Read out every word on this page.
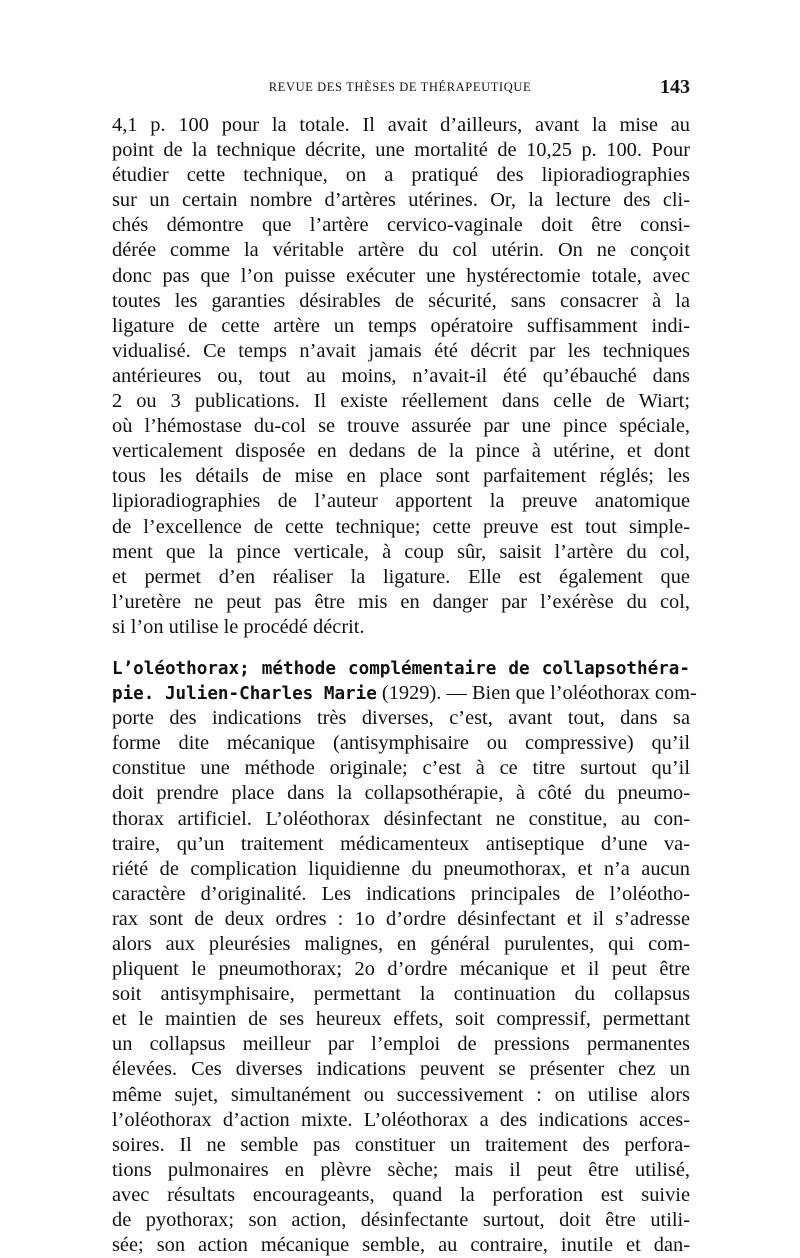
REVUE DES THÈSES DE THÉRAPEUTIQUE	143
4,1 p. 100 pour la totale. Il avait d’ailleurs, avant la mise au
point de la technique décrite, une mortalité de 10,25 p. 100. Pour
étudier cette technique, on a pratiqué des lipioradiographies
sur un certain nombre d’artères utérines. Or, la lecture des cli-
chés démontre que l’artère cervico-vaginale doit être consi-
dérée comme la véritable artère du col utérin. On ne conçoit
donc pas que l’on puisse exécuter une hystérectomie totale, avec
toutes les garanties désirables de sécurité, sans consacrer à la
ligature de cette artère un temps opératoire suffisamment indi-
vidualisé. Ce temps n’avait jamais été décrit par les techniques
antérieures ou, tout au moins, n’avait-il été qu’ébauché dans
2 ou 3 publications. Il existe réellement dans celle de Wiart;
où l’hémostase du-col se trouve assurée par une pince spéciale,
verticalement disposée en dedans de la pince à utérine, et dont
tous les détails de mise en place sont parfaitement réglés; les
lipioradiographies de l’auteur apportent la preuve anatomique
de l’excellence de cette technique; cette preuve est tout simple-
ment que la pince verticale, à coup sûr, saisit l’artère du col,
et permet d’en réaliser la ligature. Elle est également que
l’uretère ne peut pas être mis en danger par l’exérèse du col,
si l’on utilise le procédé décrit.
L’oléothorax; méthode complémentaire de collapsothéra-
pie. Julien-Charles Marie (1929). — Bien que l’oléothorax com-
porte des indications très diverses, c’est, avant tout, dans sa
forme dite mécanique (antisymphisaire ou compressive) qu’il
constitue une méthode originale; c’est à ce titre surtout qu’il
doit prendre place dans la collapsothérapie, à côté du pneumo-
thorax artificiel. L’oléothorax désinfectant ne constitue, au con-
traire, qu’un traitement médicamenteux antiseptique d’une va-
riété de complication liquidienne du pneumothorax, et n’a aucun
caractère d’originalité. Les indications principales de l’oléotho-
rax sont de deux ordres : 1o d’ordre désinfectant et il s’adresse
alors aux pleurésies malignes, en général purulentes, qui com-
pliquent le pneumothorax; 2o d’ordre mécanique et il peut être
soit antisymphisaire, permettant la continuation du collapsus
et le maintien de ses heureux effets, soit compressif, permettant
un collapsus meilleur par l’emploi de pressions permanentes
élevées. Ces diverses indications peuvent se présenter chez un
même sujet, simultanément ou successivement : on utilise alors
l’oléothorax d’action mixte. L’oléothorax a des indications acces-
soires. Il ne semble pas constituer un traitement des perfora-
tions pulmonaires en plèvre sèche; mais il peut être utilisé,
avec résultats encourageants, quand la perforation est suivie
de pyothorax; son action, désinfectante surtout, doit être utili-
sée; son action mécanique semble, au contraire, inutile et dan-
